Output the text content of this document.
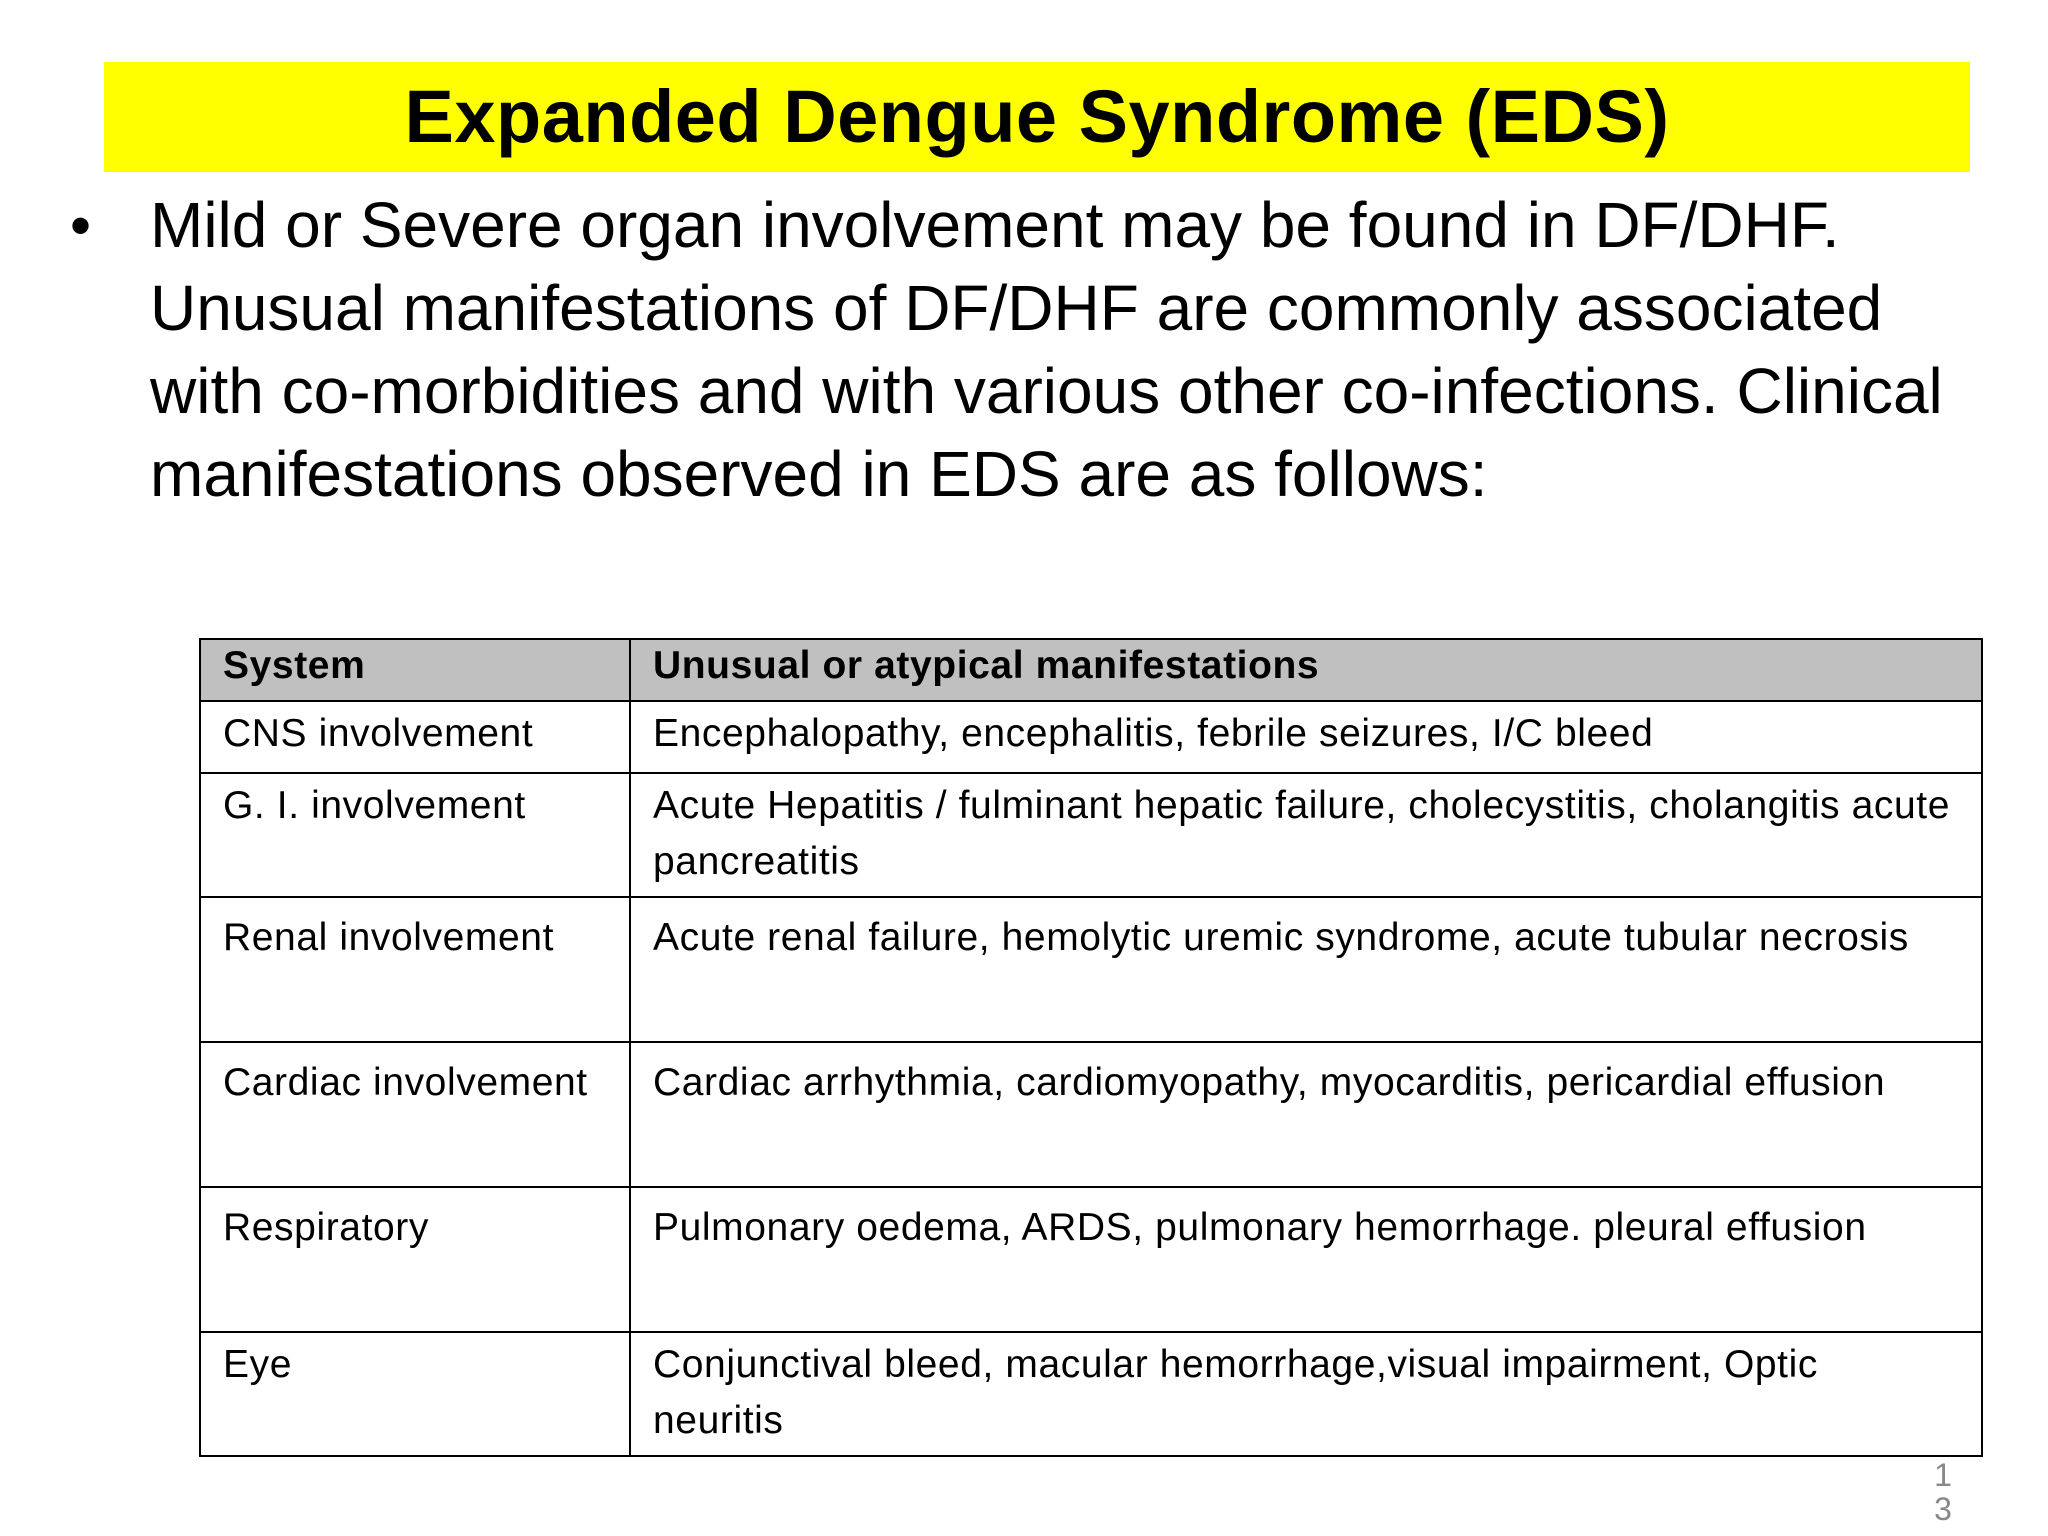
Expanded Dengue Syndrome (EDS)
• Mild or Severe organ involvement may be found in DF/DHF. Unusual manifestations of DF/DHF are commonly associated with co-morbidities and with various other co-infections. Clinical manifestations observed in EDS are as follows:
System	Unusual or atypical manifestations
CNS involvement	Encephalopathy, encephalitis, febrile seizures, I/C bleed
G. I. involvement	Acute Hepatitis / fulminant hepatic failure, cholecystitis, cholangitis acute pancreatitis
Renal involvement	Acute renal failure, hemolytic uremic syndrome, acute tubular necrosis
Cardiac involvement	Cardiac arrhythmia, cardiomyopathy, myocarditis, pericardial effusion
Respiratory	Pulmonary oedema, ARDS, pulmonary hemorrhage. pleural effusion
Eye	Conjunctival bleed, macular hemorrhage,visual impairment, Optic neuritis
13
